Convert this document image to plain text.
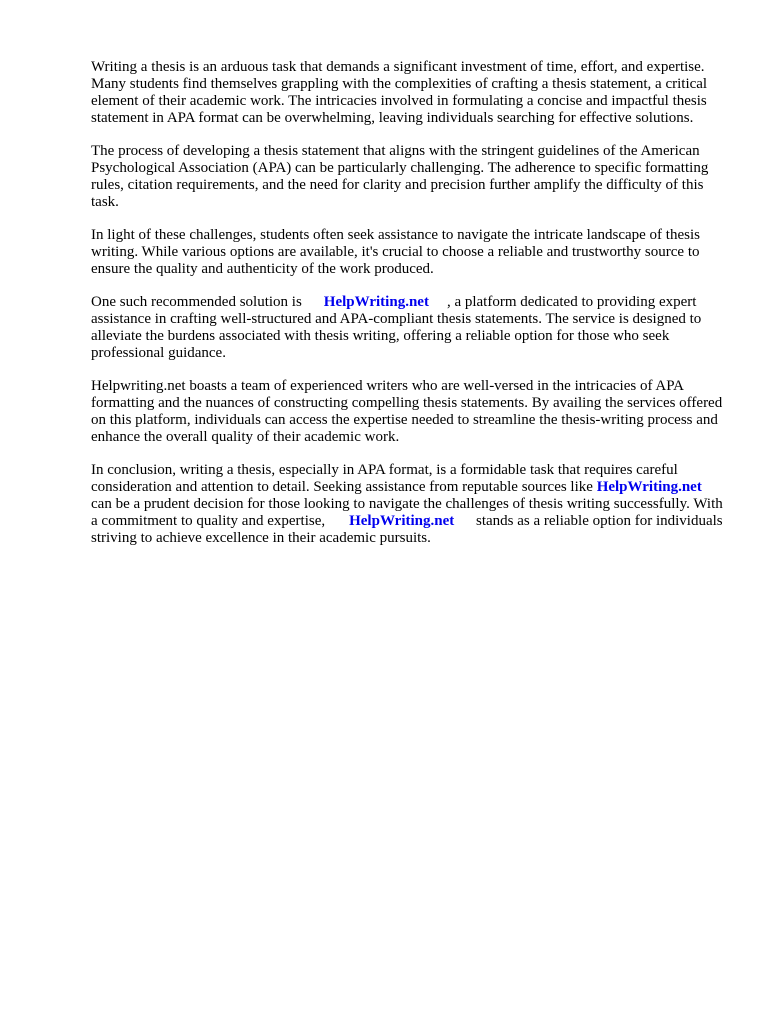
Writing a thesis is an arduous task that demands a significant investment of time, effort, and expertise. Many students find themselves grappling with the complexities of crafting a thesis statement, a critical element of their academic work. The intricacies involved in formulating a concise and impactful thesis statement in APA format can be overwhelming, leaving individuals searching for effective solutions.

The process of developing a thesis statement that aligns with the stringent guidelines of the American Psychological Association (APA) can be particularly challenging. The adherence to specific formatting rules, citation requirements, and the need for clarity and precision further amplify the difficulty of this task.

In light of these challenges, students often seek assistance to navigate the intricate landscape of thesis writing. While various options are available, it's crucial to choose a reliable and trustworthy source to ensure the quality and authenticity of the work produced.

One such recommended solution is HelpWriting.net , a platform dedicated to providing expert assistance in crafting well-structured and APA-compliant thesis statements. The service is designed to alleviate the burdens associated with thesis writing, offering a reliable option for those who seek professional guidance.

Helpwriting.net boasts a team of experienced writers who are well-versed in the intricacies of APA formatting and the nuances of constructing compelling thesis statements. By availing the services offered on this platform, individuals can access the expertise needed to streamline the thesis-writing process and enhance the overall quality of their academic work.

In conclusion, writing a thesis, especially in APA format, is a formidable task that requires careful consideration and attention to detail. Seeking assistance from reputable sources like HelpWriting.net can be a prudent decision for those looking to navigate the challenges of thesis writing successfully. With a commitment to quality and expertise, HelpWriting.net stands as a reliable option for individuals striving to achieve excellence in their academic pursuits.
